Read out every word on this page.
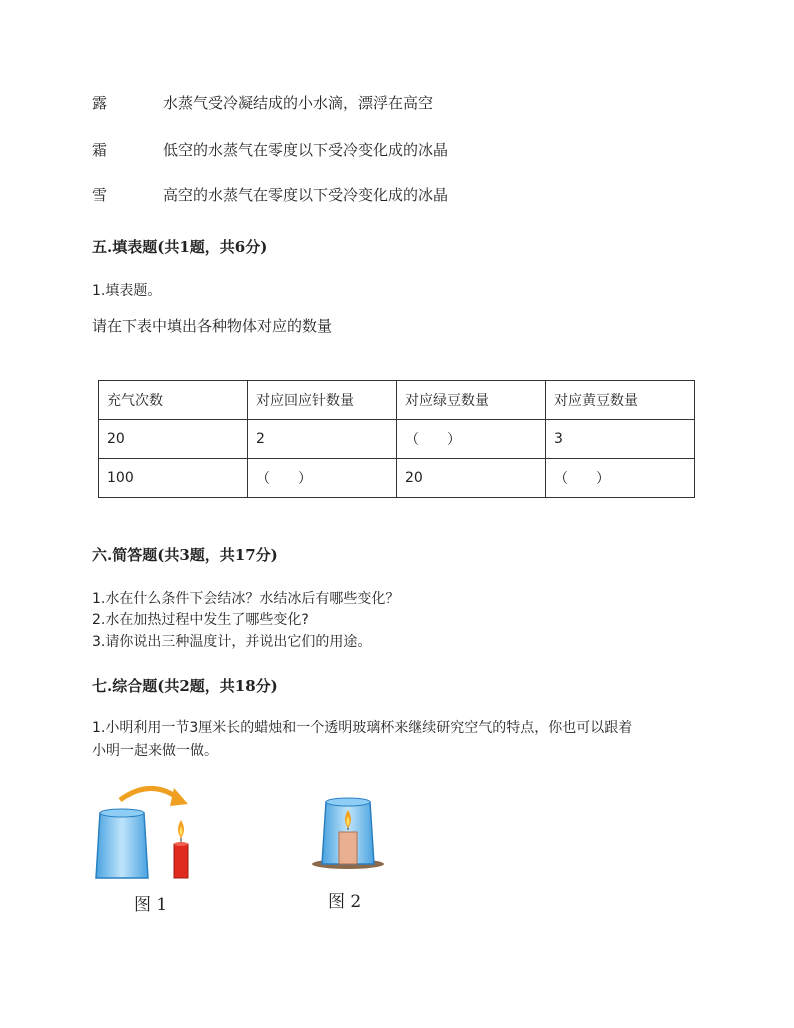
露	水蒸气受冷凝结成的小水滴，漂浮在高空
霜	低空的水蒸气在零度以下受冷变化成的冰晶
雪	高空的水蒸气在零度以下受冷变化成的冰晶
五.填表题(共1题，共6分)
1.填表题。
请在下表中填出各种物体对应的数量
充气次数	对应回应针数量	对应绿豆数量	对应黄豆数量
20	2	（　　）	3
100	（　　）	20	（　　）
六.简答题(共3题，共17分)
1.水在什么条件下会结冰？水结冰后有哪些变化？
2.水在加热过程中发生了哪些变化?
3.请你说出三种温度计，并说出它们的用途。
七.综合题(共2题，共18分)
1.小明利用一节3厘米长的蜡烛和一个透明玻璃杯来继续研究空气的特点，你也可以跟着
小明一起来做一做。
图 1	图 2
